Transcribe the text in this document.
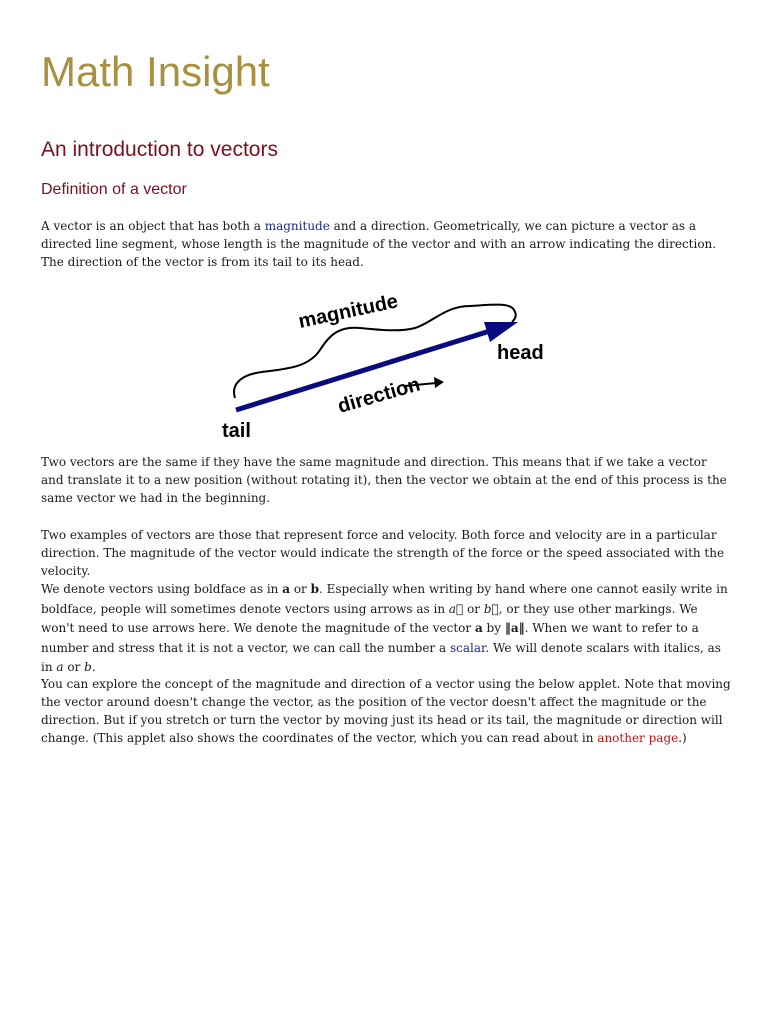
Math Insight
An introduction to vectors
Definition of a vector

A vector is an object that has both a magnitude and a direction. Geometrically, we can picture a vector as a directed line segment, whose length is the magnitude of the vector and with an arrow indicating the direction. The direction of the vector is from its tail to its head.

magnitude
head
direction
tail

Two vectors are the same if they have the same magnitude and direction. This means that if we take a vector and translate it to a new position (without rotating it), then the vector we obtain at the end of this process is the same vector we had in the beginning.

Two examples of vectors are those that represent force and velocity. Both force and velocity are in a particular direction. The magnitude of the vector would indicate the strength of the force or the speed associated with the velocity.

We denote vectors using boldface as in a or b. Especially when writing by hand where one cannot easily write in boldface, people will sometimes denote vectors using arrows as in a⃗ or b⃗, or they use other markings. We won't need to use arrows here. We denote the magnitude of the vector a by ‖a‖. When we want to refer to a number and stress that it is not a vector, we can call the number a scalar. We will denote scalars with italics, as in a or b.

You can explore the concept of the magnitude and direction of a vector using the below applet. Note that moving the vector around doesn't change the vector, as the position of the vector doesn't affect the magnitude or the direction. But if you stretch or turn the vector by moving just its head or its tail, the magnitude or direction will change. (This applet also shows the coordinates of the vector, which you can read about in another page.)
